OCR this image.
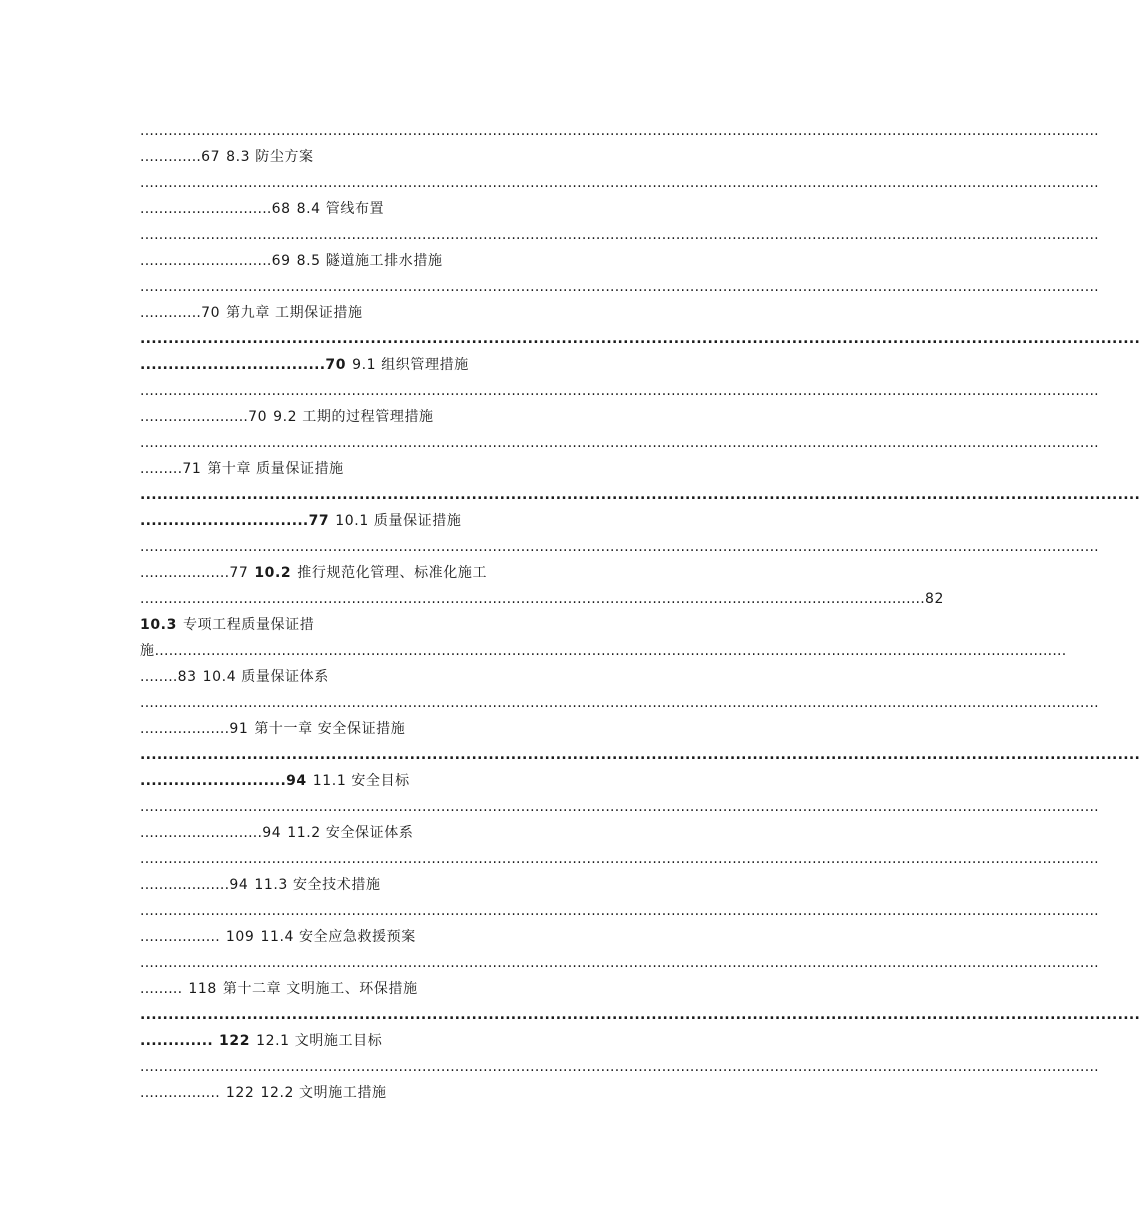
.....
.............67 8.3 防尘方案
.....
............................68 8.4 管线布置
.....
............................69 8.5 隧道施工排水措施
.....
.............70 第九章 工期保证措施
.....
.................................70 9.1 组织管理措施
.....
.......................70 9.2 工期的过程管理措施
.....
.........71 第十章 质量保证措施
.....
..............................77 10.1 质量保证措施
.....
...................77 10.2 推行规范化管理、标准化施工
.......................................................................................................................................................................82
10.3 专项工程质量保证措
施..................................................................................................................................................................................................
........83 10.4 质量保证体系
.....
...................91 第十一章 安全保证措施
.....
..........................94 11.1 安全目标
.....
..........................94 11.2 安全保证体系
.....
...................94 11.3 安全技术措施
.....
................. 109 11.4 安全应急救援预案
.....
......... 118 第十二章 文明施工、环保措施
.....
............. 122 12.1 文明施工目标
.....
................. 122 12.2 文明施工措施
